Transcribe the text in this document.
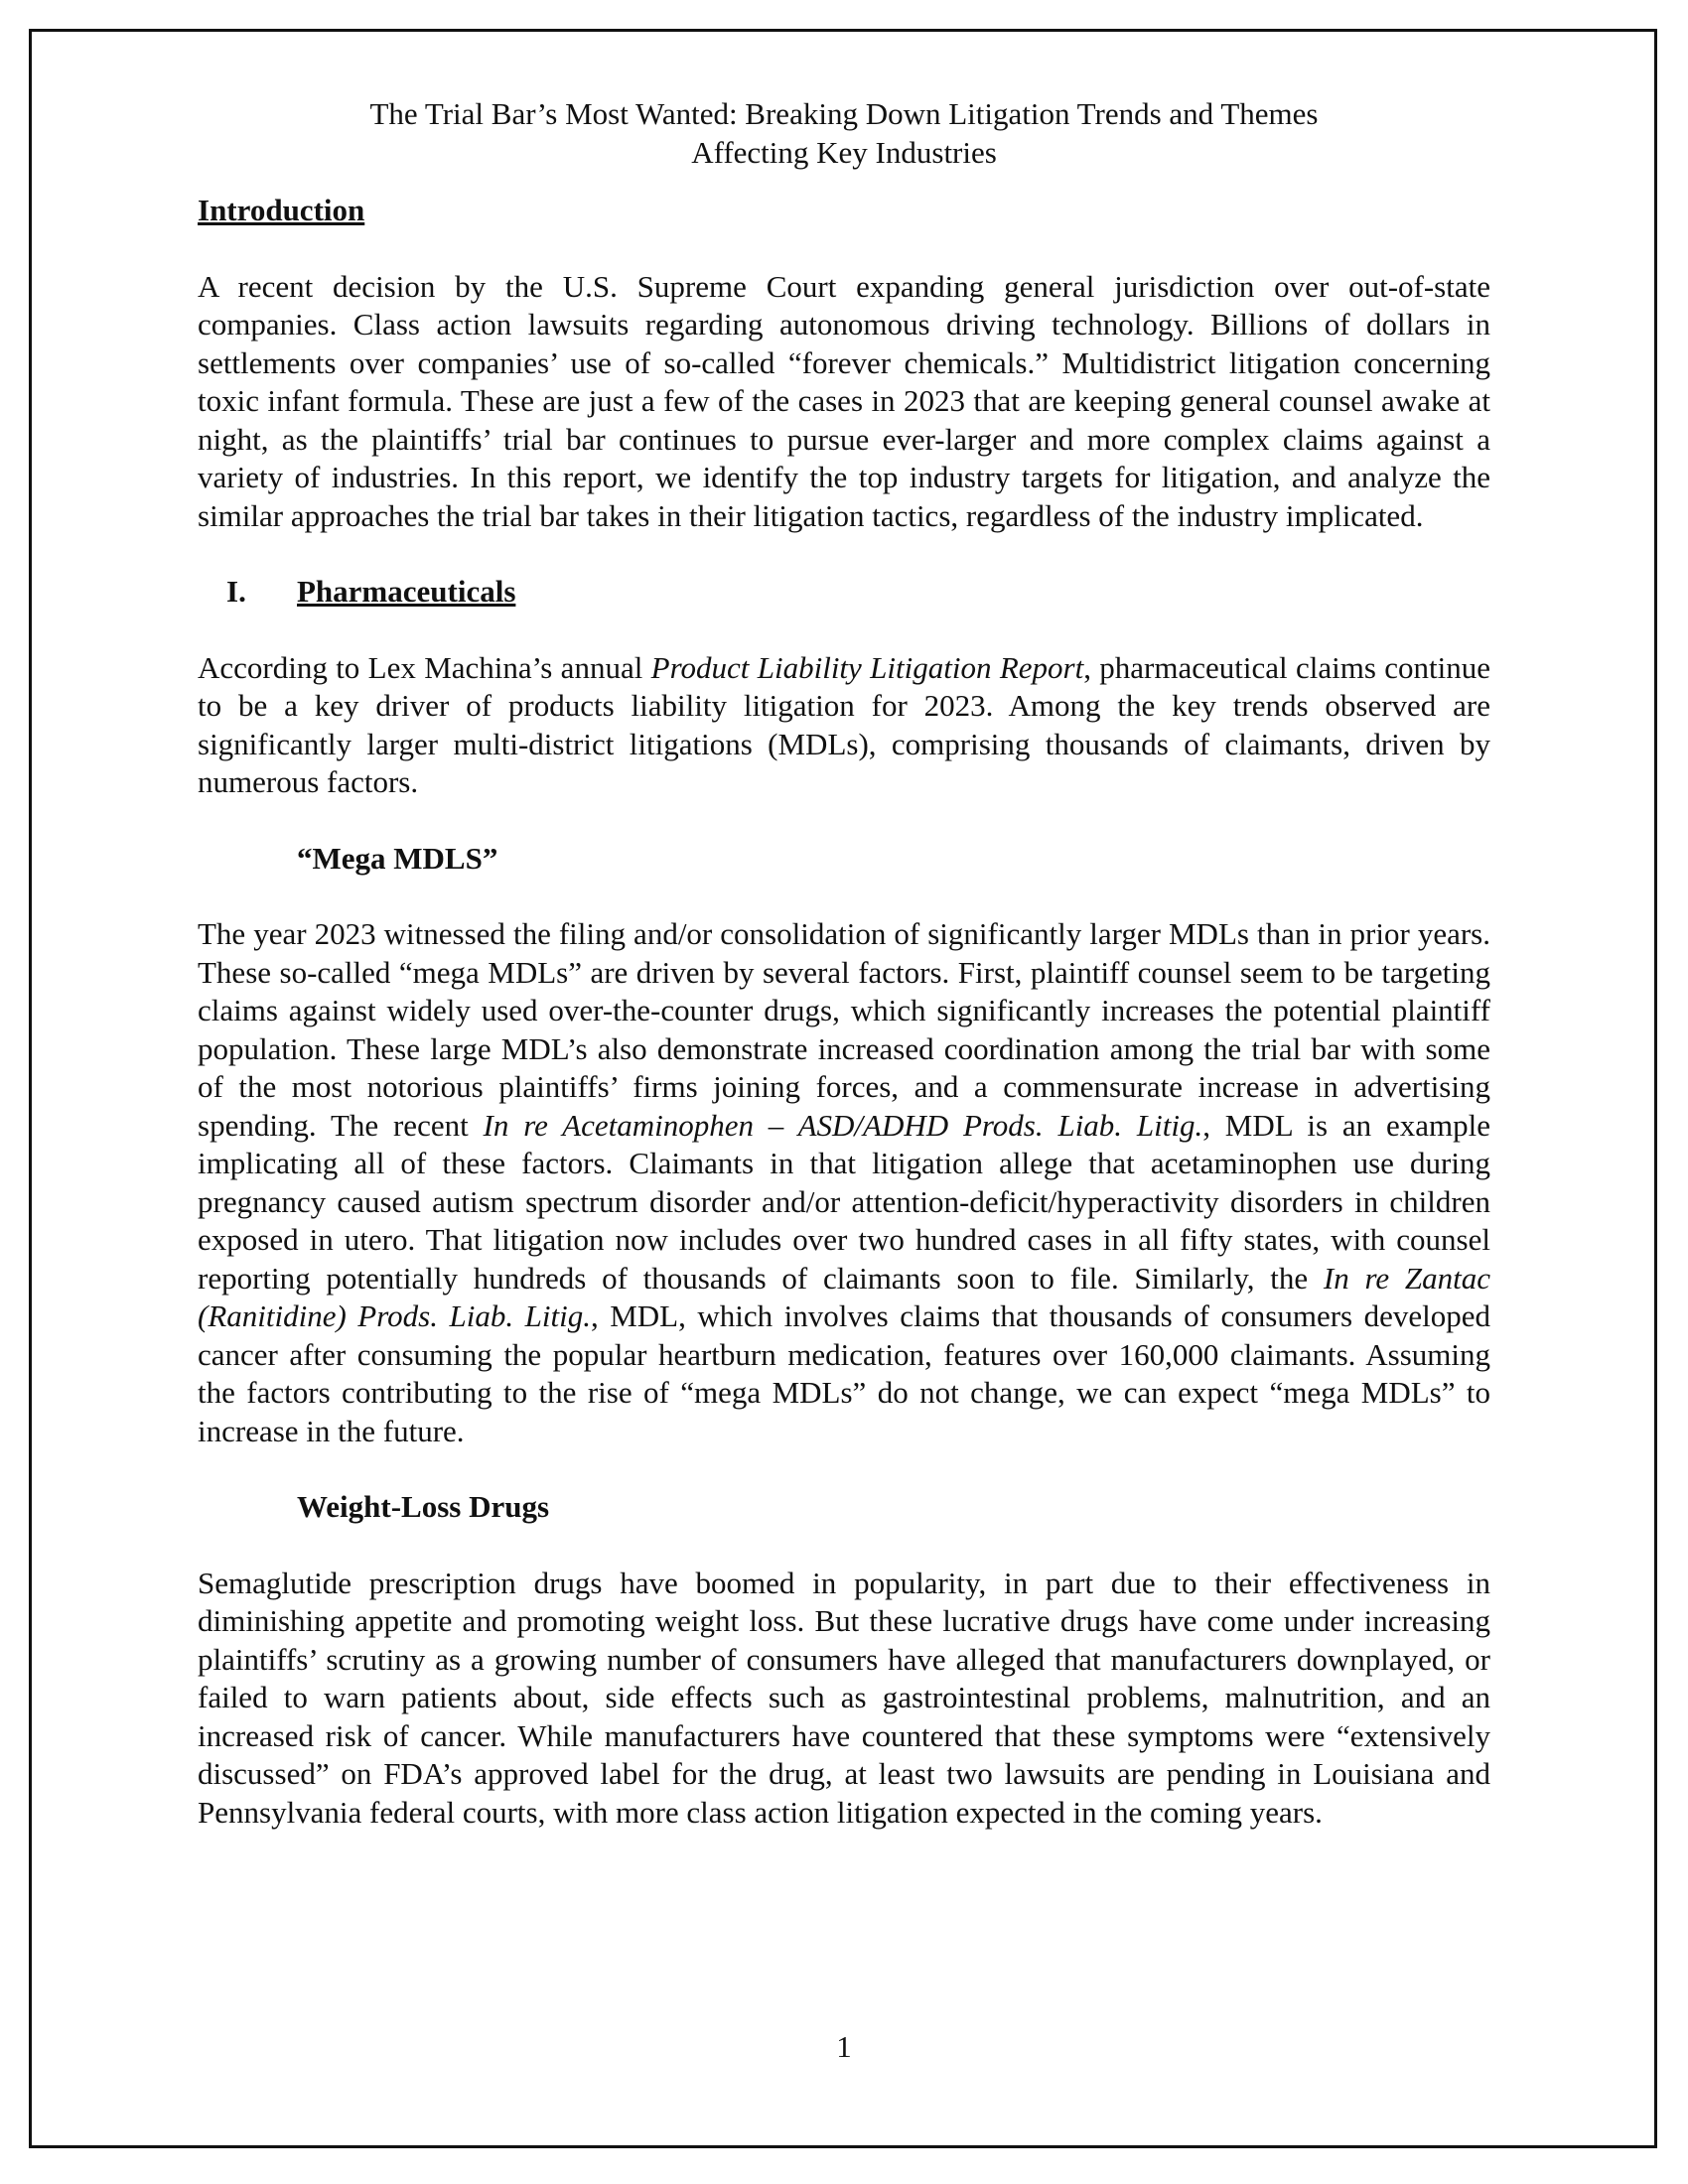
The Trial Bar’s Most Wanted: Breaking Down Litigation Trends and Themes
Affecting Key Industries

Introduction

A recent decision by the U.S. Supreme Court expanding general jurisdiction over out-of-state companies. Class action lawsuits regarding autonomous driving technology. Billions of dollars in settlements over companies’ use of so-called “forever chemicals.” Multidistrict litigation concerning toxic infant formula. These are just a few of the cases in 2023 that are keeping general counsel awake at night, as the plaintiffs’ trial bar continues to pursue ever-larger and more complex claims against a variety of industries. In this report, we identify the top industry targets for litigation, and analyze the similar approaches the trial bar takes in their litigation tactics, regardless of the industry implicated.

I.	Pharmaceuticals

According to Lex Machina’s annual Product Liability Litigation Report, pharmaceutical claims continue to be a key driver of products liability litigation for 2023. Among the key trends observed are significantly larger multi-district litigations (MDLs), comprising thousands of claimants, driven by numerous factors.

“Mega MDLS”

The year 2023 witnessed the filing and/or consolidation of significantly larger MDLs than in prior years. These so-called “mega MDLs” are driven by several factors. First, plaintiff counsel seem to be targeting claims against widely used over-the-counter drugs, which significantly increases the potential plaintiff population. These large MDL’s also demonstrate increased coordination among the trial bar with some of the most notorious plaintiffs’ firms joining forces, and a commensurate increase in advertising spending. The recent In re Acetaminophen – ASD/ADHD Prods. Liab. Litig., MDL is an example implicating all of these factors. Claimants in that litigation allege that acetaminophen use during pregnancy caused autism spectrum disorder and/or attention-deficit/hyperactivity disorders in children exposed in utero. That litigation now includes over two hundred cases in all fifty states, with counsel reporting potentially hundreds of thousands of claimants soon to file. Similarly, the In re Zantac (Ranitidine) Prods. Liab. Litig., MDL, which involves claims that thousands of consumers developed cancer after consuming the popular heartburn medication, features over 160,000 claimants. Assuming the factors contributing to the rise of “mega MDLs” do not change, we can expect “mega MDLs” to increase in the future.

Weight-Loss Drugs

Semaglutide prescription drugs have boomed in popularity, in part due to their effectiveness in diminishing appetite and promoting weight loss. But these lucrative drugs have come under increasing plaintiffs’ scrutiny as a growing number of consumers have alleged that manufacturers downplayed, or failed to warn patients about, side effects such as gastrointestinal problems, malnutrition, and an increased risk of cancer. While manufacturers have countered that these symptoms were “extensively discussed” on FDA’s approved label for the drug, at least two lawsuits are pending in Louisiana and Pennsylvania federal courts, with more class action litigation expected in the coming years.

1
